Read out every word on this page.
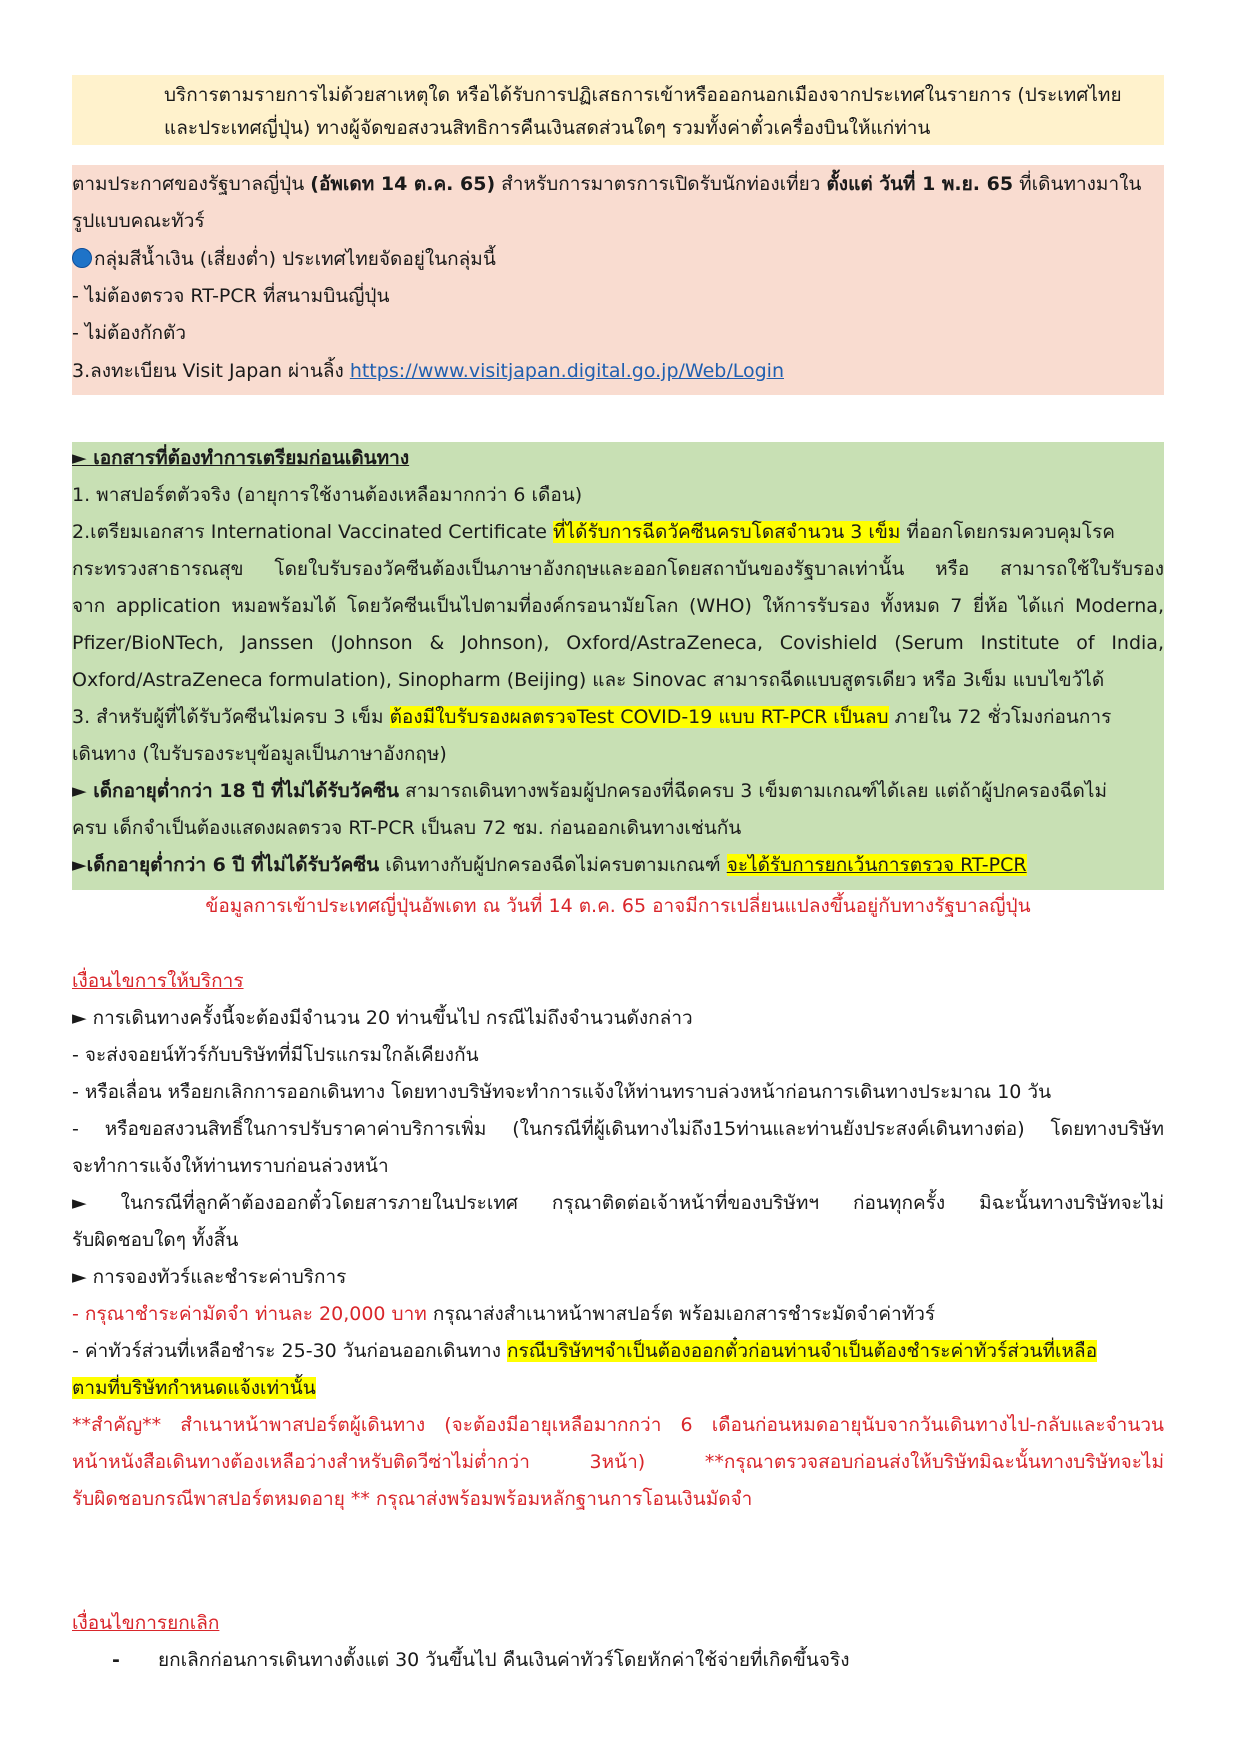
บริการตามรายการไม่ด้วยสาเหตุใด หรือได้รับการปฏิเสธการเข้าหรือออกนอกเมืองจากประเทศในรายการ (ประเทศไทย
และประเทศญี่ปุ่น) ทางผู้จัดขอสงวนสิทธิการคืนเงินสดส่วนใดๆ รวมทั้งค่าตั๋วเครื่องบินให้แก่ท่าน
ตามประกาศของรัฐบาลญี่ปุ่น (อัพเดท 14 ต.ค. 65) สำหรับการมาตรการเปิดรับนักท่องเที่ยว ตั้งแต่ วันที่ 1 พ.ย. 65 ที่เดินทางมาใน
รูปแบบคณะทัวร์
กลุ่มสีน้ำเงิน (เสี่ยงต่ำ) ประเทศไทยจัดอยู่ในกลุ่มนี้
- ไม่ต้องตรวจ RT-PCR ที่สนามบินญี่ปุ่น
- ไม่ต้องกักตัว
3.ลงทะเบียน Visit Japan ผ่านลิ้ง https://www.visitjapan.digital.go.jp/Web/Login
► เอกสารที่ต้องทำการเตรียมก่อนเดินทาง
1. พาสปอร์ตตัวจริง (อายุการใช้งานต้องเหลือมากกว่า 6 เดือน)
2.เตรียมเอกสาร International Vaccinated Certificate ที่ได้รับการฉีดวัคซีนครบโดสจำนวน 3 เข็ม ที่ออกโดยกรมควบคุมโรค
กระทรวงสาธารณสุข โดยใบรับรองวัคซีนต้องเป็นภาษาอังกฤษและออกโดยสถาบันของรัฐบาลเท่านั้น หรือ สามารถใช้ใบรับรอง
จาก application หมอพร้อมได้ โดยวัคซีนเป็นไปตามที่องค์กรอนามัยโลก (WHO) ให้การรับรอง ทั้งหมด 7 ยี่ห้อ ได้แก่ Moderna,
Pfizer/BioNTech, Janssen (Johnson & Johnson), Oxford/AstraZeneca, Covishield (Serum Institute of India,
Oxford/AstraZeneca formulation), Sinopharm (Beijing) และ Sinovac สามารถฉีดแบบสูตรเดียว หรือ 3เข็ม แบบไขว้ได้
3. สำหรับผู้ที่ได้รับวัคซีนไม่ครบ 3 เข็ม ต้องมีใบรับรองผลตรวจTest COVID-19 แบบ RT-PCR เป็นลบ ภายใน 72 ชั่วโมงก่อนการ
เดินทาง (ใบรับรองระบุข้อมูลเป็นภาษาอังกฤษ)
► เด็กอายุต่ำกว่า 18 ปี ที่ไม่ได้รับวัคซีน สามารถเดินทางพร้อมผู้ปกครองที่ฉีดครบ 3 เข็มตามเกณฑ์ได้เลย แต่ถ้าผู้ปกครองฉีดไม่
ครบ เด็กจำเป็นต้องแสดงผลตรวจ RT-PCR เป็นลบ 72 ชม. ก่อนออกเดินทางเช่นกัน
►เด็กอายุต่ำกว่า 6 ปี ที่ไม่ได้รับวัคซีน เดินทางกับผู้ปกครองฉีดไม่ครบตามเกณฑ์ จะได้รับการยกเว้นการตรวจ RT-PCR
ข้อมูลการเข้าประเทศญี่ปุ่นอัพเดท ณ วันที่ 14 ต.ค. 65 อาจมีการเปลี่ยนแปลงขึ้นอยู่กับทางรัฐบาลญี่ปุ่น
เงื่อนไขการให้บริการ
► การเดินทางครั้งนี้จะต้องมีจำนวน 20 ท่านขึ้นไป กรณีไม่ถึงจำนวนดังกล่าว
- จะส่งจอยน์ทัวร์กับบริษัทที่มีโปรแกรมใกล้เคียงกัน
- หรือเลื่อน หรือยกเลิกการออกเดินทาง โดยทางบริษัทจะทำการแจ้งให้ท่านทราบล่วงหน้าก่อนการเดินทางประมาณ 10 วัน
- หรือขอสงวนสิทธิ์ในการปรับราคาค่าบริการเพิ่ม (ในกรณีที่ผู้เดินทางไม่ถึง15ท่านและท่านยังประสงค์เดินทางต่อ) โดยทางบริษัท
จะทำการแจ้งให้ท่านทราบก่อนล่วงหน้า
► ในกรณีที่ลูกค้าต้องออกตั๋วโดยสารภายในประเทศ กรุณาติดต่อเจ้าหน้าที่ของบริษัทฯ ก่อนทุกครั้ง มิฉะนั้นทางบริษัทจะไม่
รับผิดชอบใดๆ ทั้งสิ้น
► การจองทัวร์และชำระค่าบริการ
- กรุณาชำระค่ามัดจำ ท่านละ 20,000 บาท กรุณาส่งสำเนาหน้าพาสปอร์ต พร้อมเอกสารชำระมัดจำค่าทัวร์
- ค่าทัวร์ส่วนที่เหลือชำระ 25-30 วันก่อนออกเดินทาง กรณีบริษัทฯจำเป็นต้องออกตั๋วก่อนท่านจำเป็นต้องชำระค่าทัวร์ส่วนที่เหลือ
ตามที่บริษัทกำหนดแจ้งเท่านั้น
**สำคัญ** สำเนาหน้าพาสปอร์ตผู้เดินทาง (จะต้องมีอายุเหลือมากกว่า 6 เดือนก่อนหมดอายุนับจากวันเดินทางไป-กลับและจำนวน
หน้าหนังสือเดินทางต้องเหลือว่างสำหรับติดวีซ่าไม่ต่ำกว่า 3หน้า) **กรุณาตรวจสอบก่อนส่งให้บริษัทมิฉะนั้นทางบริษัทจะไม่
รับผิดชอบกรณีพาสปอร์ตหมดอายุ ** กรุณาส่งพร้อมพร้อมหลักฐานการโอนเงินมัดจำ
เงื่อนไขการยกเลิก
- ยกเลิกก่อนการเดินทางตั้งแต่ 30 วันขึ้นไป คืนเงินค่าทัวร์โดยหักค่าใช้จ่ายที่เกิดขึ้นจริง
